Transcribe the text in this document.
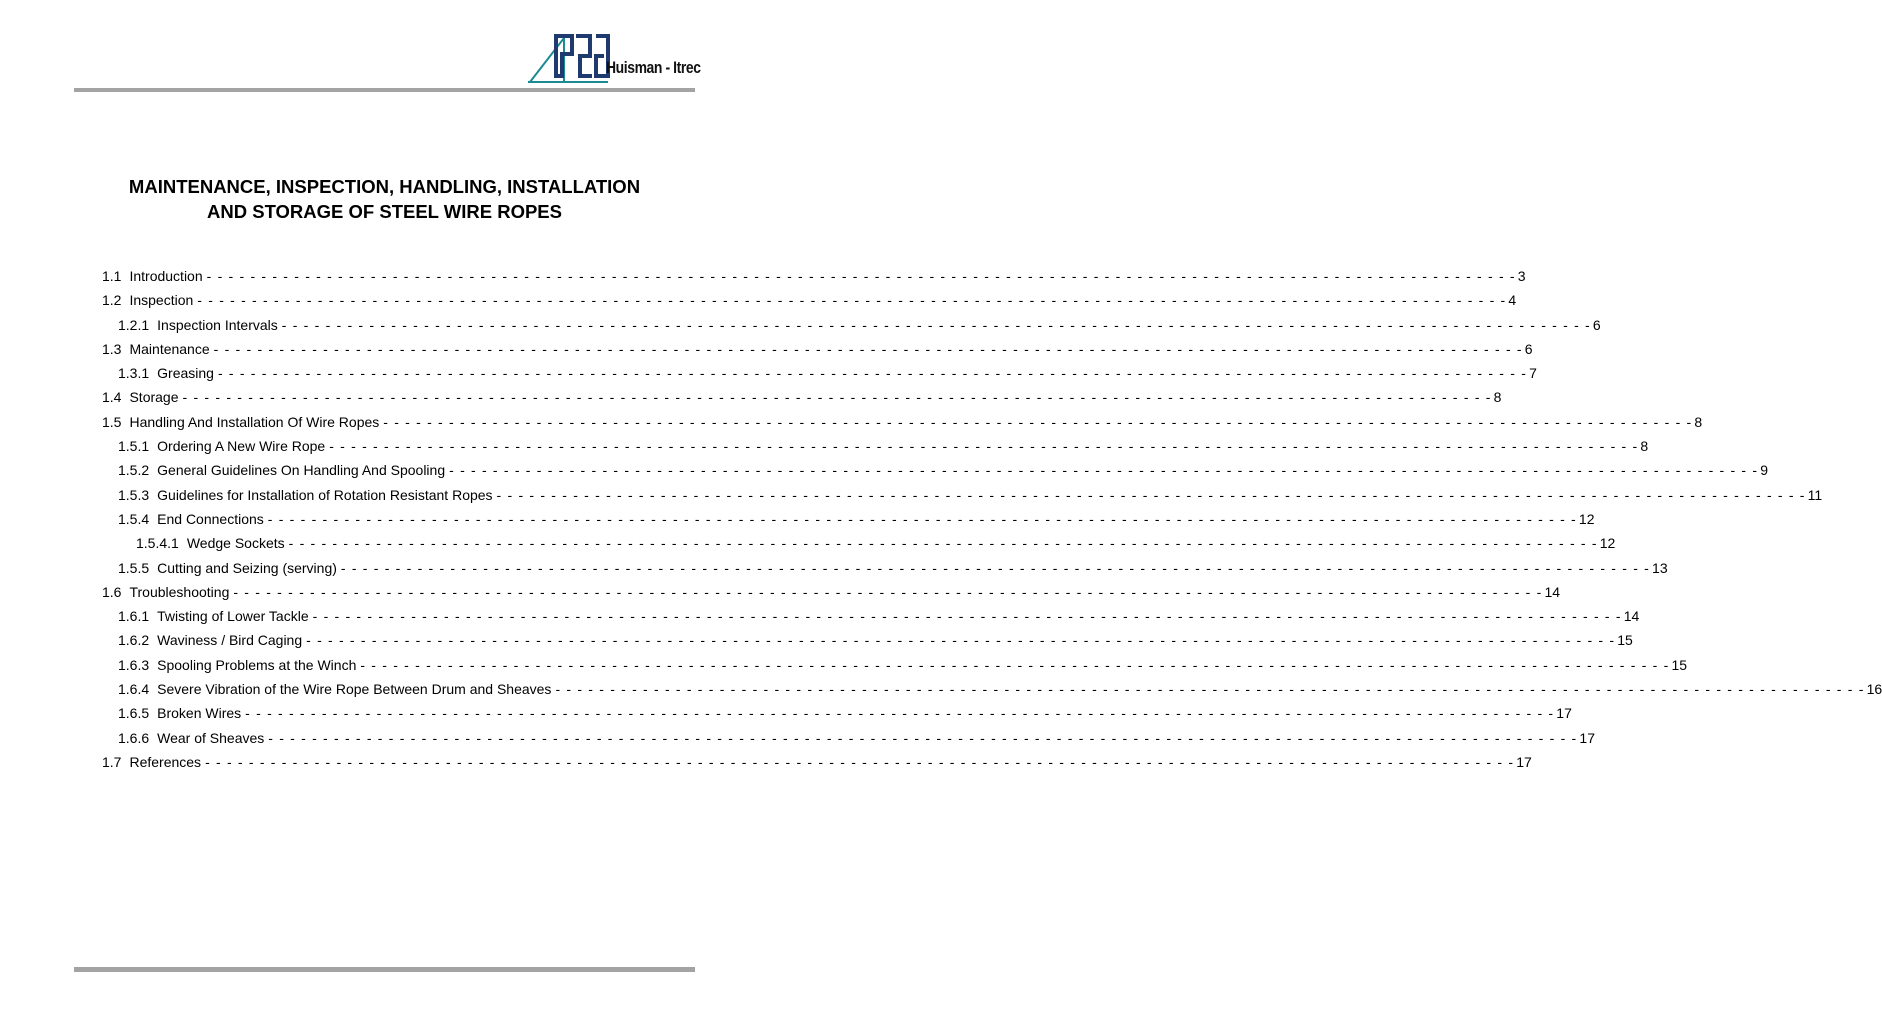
Huisman - Itrec
MAINTENANCE, INSPECTION, HANDLING, INSTALLATION
AND STORAGE OF STEEL WIRE ROPES
1.1 Introduction - - - - - - - - - - - - - - - - - - - - - - - - - - - - - - - - - - - - - - - - - - - - - - - - - - - - - - - - - - - - - - - - - - - - - - - - - - - - - - - - - - - - - - - - - - - - - - - - - - - - - - - - - - - - - - - - - - - - - - - - 3
1.2 Inspection - - - - - - - - - - - - - - - - - - - - - - - - - - - - - - - - - - - - - - - - - - - - - - - - - - - - - - - - - - - - - - - - - - - - - - - - - - - - - - - - - - - - - - - - - - - - - - - - - - - - - - - - - - - - - - - - - - - - - - - - 4
1.2.1 Inspection Intervals - - - - - - - - - - - - - - - - - - - - - - - - - - - - - - - - - - - - - - - - - - - - - - - - - - - - - - - - - - - - - - - - - - - - - - - - - - - - - - - - - - - - - - - - - - - - - - - - - - - - - - - - - - - - - - - - - - - - - - - - 6
1.3 Maintenance - - - - - - - - - - - - - - - - - - - - - - - - - - - - - - - - - - - - - - - - - - - - - - - - - - - - - - - - - - - - - - - - - - - - - - - - - - - - - - - - - - - - - - - - - - - - - - - - - - - - - - - - - - - - - - - - - - - - - - - - 6
1.3.1 Greasing - - - - - - - - - - - - - - - - - - - - - - - - - - - - - - - - - - - - - - - - - - - - - - - - - - - - - - - - - - - - - - - - - - - - - - - - - - - - - - - - - - - - - - - - - - - - - - - - - - - - - - - - - - - - - - - - - - - - - - - - 7
1.4 Storage - - - - - - - - - - - - - - - - - - - - - - - - - - - - - - - - - - - - - - - - - - - - - - - - - - - - - - - - - - - - - - - - - - - - - - - - - - - - - - - - - - - - - - - - - - - - - - - - - - - - - - - - - - - - - - - - - - - - - - - - 8
1.5 Handling And Installation Of Wire Ropes - - - - - - - - - - - - - - - - - - - - - - - - - - - - - - - - - - - - - - - - - - - - - - - - - - - - - - - - - - - - - - - - - - - - - - - - - - - - - - - - - - - - - - - - - - - - - - - - - - - - - - - - - - - - - - - - - - - - - - - - 8
1.5.1 Ordering A New Wire Rope - - - - - - - - - - - - - - - - - - - - - - - - - - - - - - - - - - - - - - - - - - - - - - - - - - - - - - - - - - - - - - - - - - - - - - - - - - - - - - - - - - - - - - - - - - - - - - - - - - - - - - - - - - - - - - - - - - - - - - - - 8
1.5.2 General Guidelines On Handling And Spooling - - - - - - - - - - - - - - - - - - - - - - - - - - - - - - - - - - - - - - - - - - - - - - - - - - - - - - - - - - - - - - - - - - - - - - - - - - - - - - - - - - - - - - - - - - - - - - - - - - - - - - - - - - - - - - - - - - - - - - - - 9
1.5.3 Guidelines for Installation of Rotation Resistant Ropes - - - - - - - - - - - - - - - - - - - - - - - - - - - - - - - - - - - - - - - - - - - - - - - - - - - - - - - - - - - - - - - - - - - - - - - - - - - - - - - - - - - - - - - - - - - - - - - - - - - - - - - - - - - - - - - - - - - - - - - - 11
1.5.4 End Connections - - - - - - - - - - - - - - - - - - - - - - - - - - - - - - - - - - - - - - - - - - - - - - - - - - - - - - - - - - - - - - - - - - - - - - - - - - - - - - - - - - - - - - - - - - - - - - - - - - - - - - - - - - - - - - - - - - - - - - - - 12
1.5.4.1 Wedge Sockets - - - - - - - - - - - - - - - - - - - - - - - - - - - - - - - - - - - - - - - - - - - - - - - - - - - - - - - - - - - - - - - - - - - - - - - - - - - - - - - - - - - - - - - - - - - - - - - - - - - - - - - - - - - - - - - - - - - - - - - - 12
1.5.5 Cutting and Seizing (serving) - - - - - - - - - - - - - - - - - - - - - - - - - - - - - - - - - - - - - - - - - - - - - - - - - - - - - - - - - - - - - - - - - - - - - - - - - - - - - - - - - - - - - - - - - - - - - - - - - - - - - - - - - - - - - - - - - - - - - - - - 13
1.6 Troubleshooting - - - - - - - - - - - - - - - - - - - - - - - - - - - - - - - - - - - - - - - - - - - - - - - - - - - - - - - - - - - - - - - - - - - - - - - - - - - - - - - - - - - - - - - - - - - - - - - - - - - - - - - - - - - - - - - - - - - - - - - - 14
1.6.1 Twisting of Lower Tackle - - - - - - - - - - - - - - - - - - - - - - - - - - - - - - - - - - - - - - - - - - - - - - - - - - - - - - - - - - - - - - - - - - - - - - - - - - - - - - - - - - - - - - - - - - - - - - - - - - - - - - - - - - - - - - - - - - - - - - - - 14
1.6.2 Waviness / Bird Caging - - - - - - - - - - - - - - - - - - - - - - - - - - - - - - - - - - - - - - - - - - - - - - - - - - - - - - - - - - - - - - - - - - - - - - - - - - - - - - - - - - - - - - - - - - - - - - - - - - - - - - - - - - - - - - - - - - - - - - - - 15
1.6.3 Spooling Problems at the Winch - - - - - - - - - - - - - - - - - - - - - - - - - - - - - - - - - - - - - - - - - - - - - - - - - - - - - - - - - - - - - - - - - - - - - - - - - - - - - - - - - - - - - - - - - - - - - - - - - - - - - - - - - - - - - - - - - - - - - - - - 15
1.6.4 Severe Vibration of the Wire Rope Between Drum and Sheaves - - - - - - - - - - - - - - - - - - - - - - - - - - - - - - - - - - - - - - - - - - - - - - - - - - - - - - - - - - - - - - - - - - - - - - - - - - - - - - - - - - - - - - - - - - - - - - - - - - - - - - - - - - - - - - - - - - - - - - - - 16
1.6.5 Broken Wires - - - - - - - - - - - - - - - - - - - - - - - - - - - - - - - - - - - - - - - - - - - - - - - - - - - - - - - - - - - - - - - - - - - - - - - - - - - - - - - - - - - - - - - - - - - - - - - - - - - - - - - - - - - - - - - - - - - - - - - - 17
1.6.6 Wear of Sheaves - - - - - - - - - - - - - - - - - - - - - - - - - - - - - - - - - - - - - - - - - - - - - - - - - - - - - - - - - - - - - - - - - - - - - - - - - - - - - - - - - - - - - - - - - - - - - - - - - - - - - - - - - - - - - - - - - - - - - - - - 17
1.7 References - - - - - - - - - - - - - - - - - - - - - - - - - - - - - - - - - - - - - - - - - - - - - - - - - - - - - - - - - - - - - - - - - - - - - - - - - - - - - - - - - - - - - - - - - - - - - - - - - - - - - - - - - - - - - - - - - - - - - - - - 17
